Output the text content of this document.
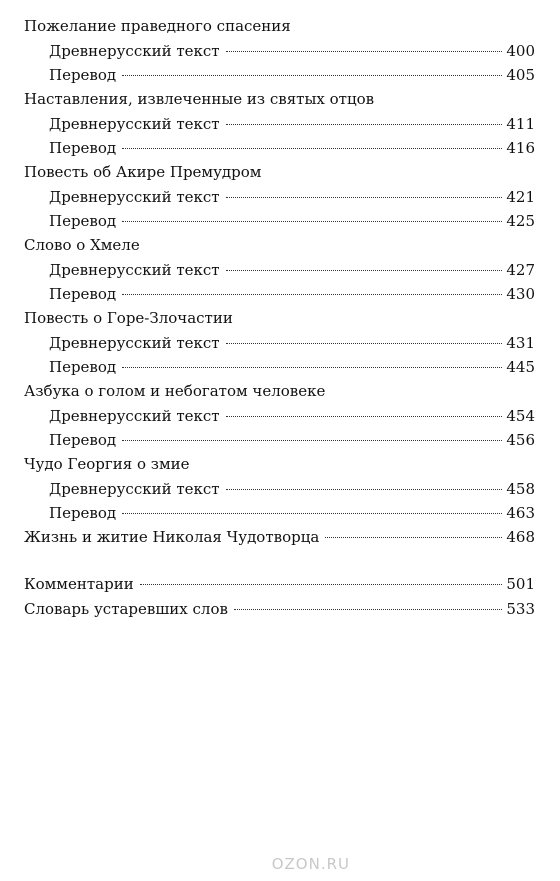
Пожелание праведного спасения
Древнерусский текст	400
Перевод	405
Наставления, извлеченные из святых отцов
Древнерусский текст	411
Перевод	416
Повесть об Акире Премудром
Древнерусский текст	421
Перевод	425
Слово о Хмеле
Древнерусский текст	427
Перевод	430
Повесть о Горе-Злочастии
Древнерусский текст	431
Перевод	445
Азбука о голом и небогатом человеке
Древнерусский текст	454
Перевод	456
Чудо Георгия о змие
Древнерусский текст	458
Перевод	463
Жизнь и житие Николая Чудотворца	468
Комментарии	501
Словарь устаревших слов	533
OZON.RU
